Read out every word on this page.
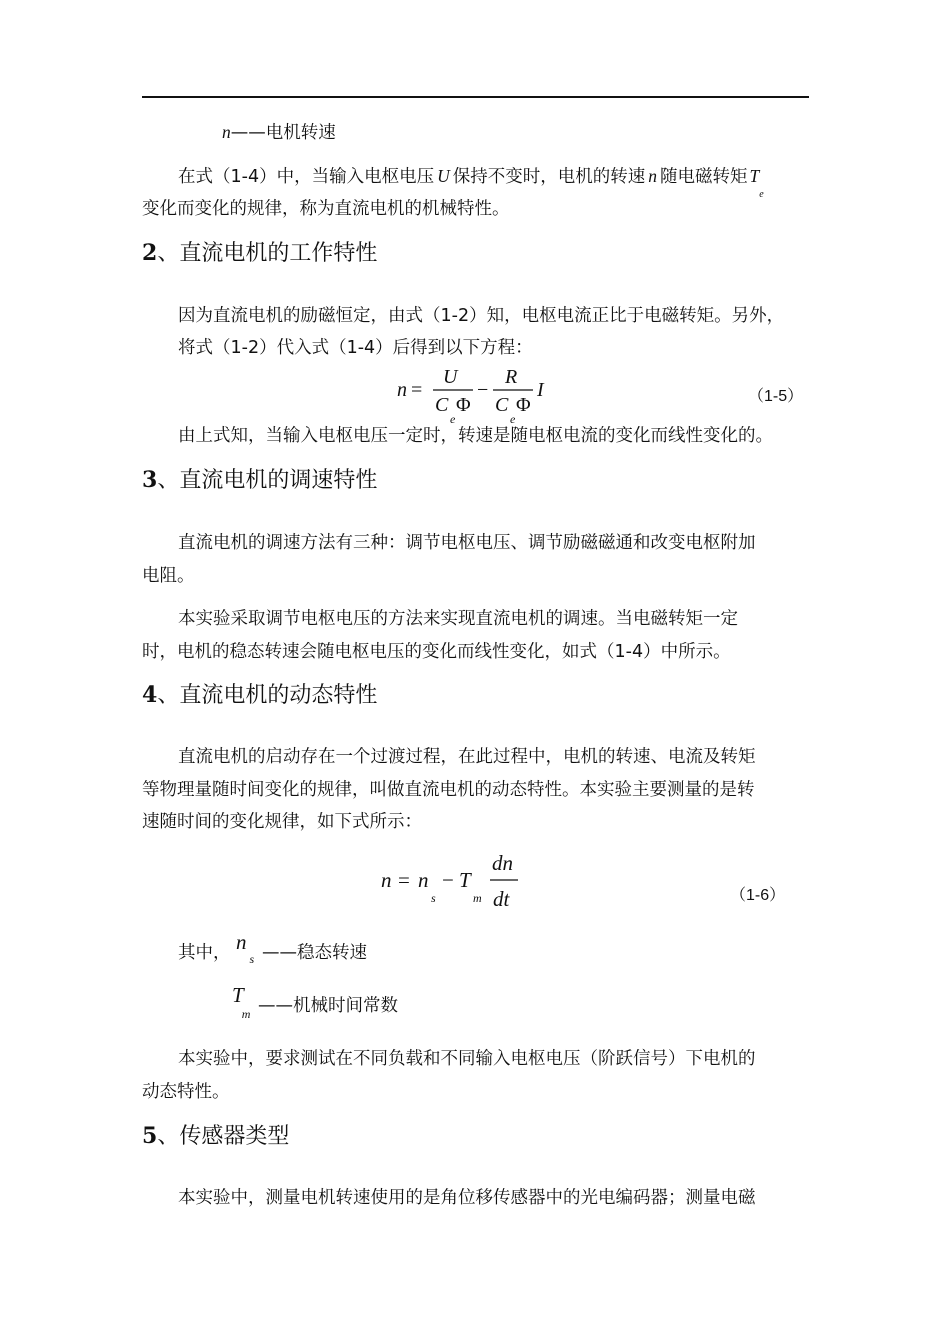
n——电机转速
在式（1-4）中，当输入电枢电压 U 保持不变时，电机的转速 n 随电磁转矩 $T_e$
变化而变化的规律，称为直流电机的机械特性。
2、直流电机的工作特性
因为直流电机的励磁恒定，由式（1-2）知，电枢电流正比于电磁转矩。另外，
将式（1-2）代入式（1-4）后得到以下方程：
n =
U
C
e
Φ
−
R
C
e
Φ
I	（1-5）
由上式知，当输入电枢电压一定时，转速是随电枢电流的变化而线性变化的。
3、直流电机的调速特性
直流电机的调速方法有三种：调节电枢电压、调节励磁磁通和改变电枢附加
电阻。
本实验采取调节电枢电压的方法来实现直流电机的调速。当电磁转矩一定
时，电机的稳态转速会随电枢电压的变化而线性变化，如式（1-4）中所示。
4、直流电机的动态特性
直流电机的启动存在一个过渡过程，在此过程中，电机的转速、电流及转矩
等物理量随时间变化的规律，叫做直流电机的动态特性。本实验主要测量的是转
速随时间的变化规律，如下式所示：
n = n
s
− T
m
dn
dt	（1-6）
其中， $n_s$ ——稳态转速
$T_m$ ——机械时间常数
本实验中，要求测试在不同负载和不同输入电枢电压（阶跃信号）下电机的
动态特性。
5、传感器类型
本实验中，测量电机转速使用的是角位移传感器中的光电编码器；测量电磁
